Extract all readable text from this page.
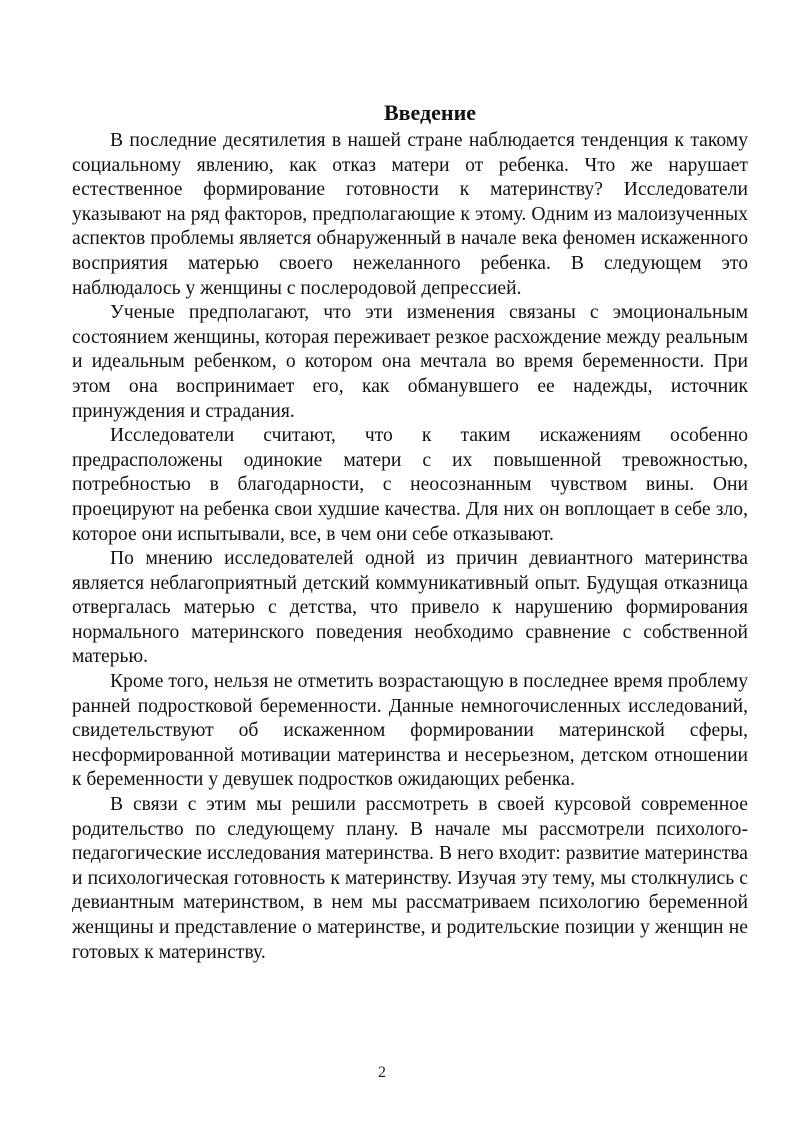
Введение

В последние десятилетия в нашей стране наблюдается тенденция к такому социальному явлению, как отказ матери от ребенка. Что же нарушает естественное формирование готовности к материнству? Исследователи указывают на ряд факторов, предполагающие к этому. Одним из малоизученных аспектов проблемы является обнаруженный в начале века феномен искаженного восприятия матерью своего нежеланного ребенка. В следующем это наблюдалось у женщины с послеродовой депрессией.

Ученые предполагают, что эти изменения связаны с эмоциональным состоянием женщины, которая переживает резкое расхождение между реальным и идеальным ребенком, о котором она мечтала во время беременности. При этом она воспринимает его, как обманувшего ее надежды, источник принуждения и страдания.

Исследователи считают, что к таким искажениям особенно предрасположены одинокие матери с их повышенной тревожностью, потребностью в благодарности, с неосознанным чувством вины. Они проецируют на ребенка свои худшие качества. Для них он воплощает в себе зло, которое они испытывали, все, в чем они себе отказывают.

По мнению исследователей одной из причин девиантного материнства является неблагоприятный детский коммуникативный опыт. Будущая отказница отвергалась матерью с детства, что привело к нарушению формирования нормального материнского поведения необходимо сравнение с собственной матерью.

Кроме того, нельзя не отметить возрастающую в последнее время проблему ранней подростковой беременности. Данные немногочисленных исследований, свидетельствуют об искаженном формировании материнской сферы, несформированной мотивации материнства и несерьезном, детском отношении к беременности у девушек подростков ожидающих ребенка.

В связи с этим мы решили рассмотреть в своей курсовой современное родительство по следующему плану. В начале мы рассмотрели психолого-педагогические исследования материнства. В него входит: развитие материнства и психологическая готовность к материнству. Изучая эту тему, мы столкнулись с девиантным материнством, в нем мы рассматриваем психологию беременной женщины и представление о материнстве, и родительские позиции у женщин не готовых к материнству.

2
